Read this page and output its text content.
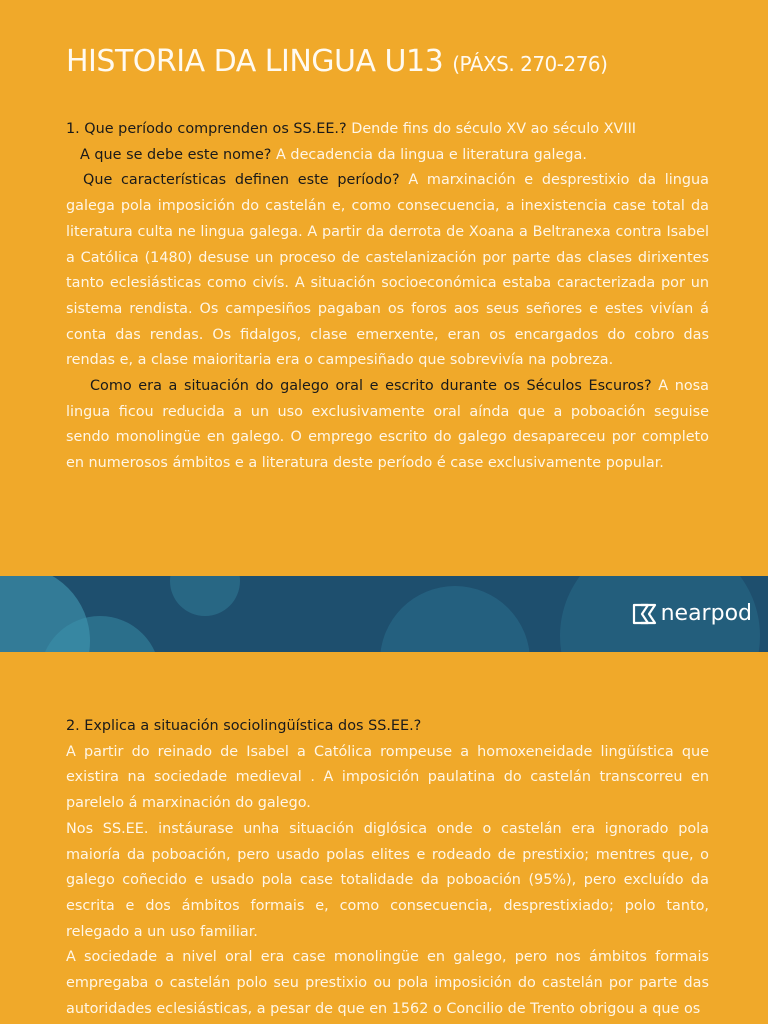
HISTORIA DA LINGUA U13 (PÁXS. 270-276)

1. Que período comprenden os SS.EE.? Dende fins do século XV ao século XVIII

A que se debe este nome? A decadencia da lingua e literatura galega.

Que características definen este período? A marxinación e desprestixio da lingua galega pola imposición do castelán e, como consecuencia, a inexistencia case total da literatura culta ne lingua galega. A partir da derrota de Xoana a Beltranexa contra Isabel a Católica (1480) desuse un proceso de castelanización por parte das clases dirixentes tanto eclesiásticas como civís. A situación socioeconómica estaba caracterizada por un sistema rendista. Os campesiños pagaban os foros aos seus señores e estes vivían á conta das rendas. Os fidalgos, clase emerxente, eran os encargados do cobro das rendas e, a clase maioritaria era o campesiñado que sobrevivía na pobreza.

Como era a situación do galego oral e escrito durante os Séculos Escuros? A nosa lingua ficou reducida a un uso exclusivamente oral aínda que a poboación seguise sendo monolingüe en galego. O emprego escrito do galego desapareceu por completo en numerosos ámbitos e a literatura deste período é case exclusivamente popular.

nearpod

2. Explica a situación sociolingüística dos SS.EE.?

A partir do reinado de Isabel a Católica rompeuse a homoxeneidade lingüística que existira na sociedade medieval . A imposición paulatina do castelán transcorreu en parelelo á marxinación do galego.

Nos SS.EE. instáurase unha situación diglósica onde o castelán era ignorado pola maioría da poboación, pero usado polas elites e rodeado de prestixio; mentres que, o galego coñecido e usado pola case totalidade da poboación (95%), pero excluído da escrita e dos ámbitos formais e, como consecuencia, desprestixiado; polo tanto, relegado a un uso familiar.

A sociedade a nivel oral era case monolingüe en galego, pero nos ámbitos formais empregaba o castelán polo seu prestixio ou pola imposición do castelán por parte das autoridades eclesiásticas, a pesar de que en 1562 o Concilio de Trento obrigou a que os
